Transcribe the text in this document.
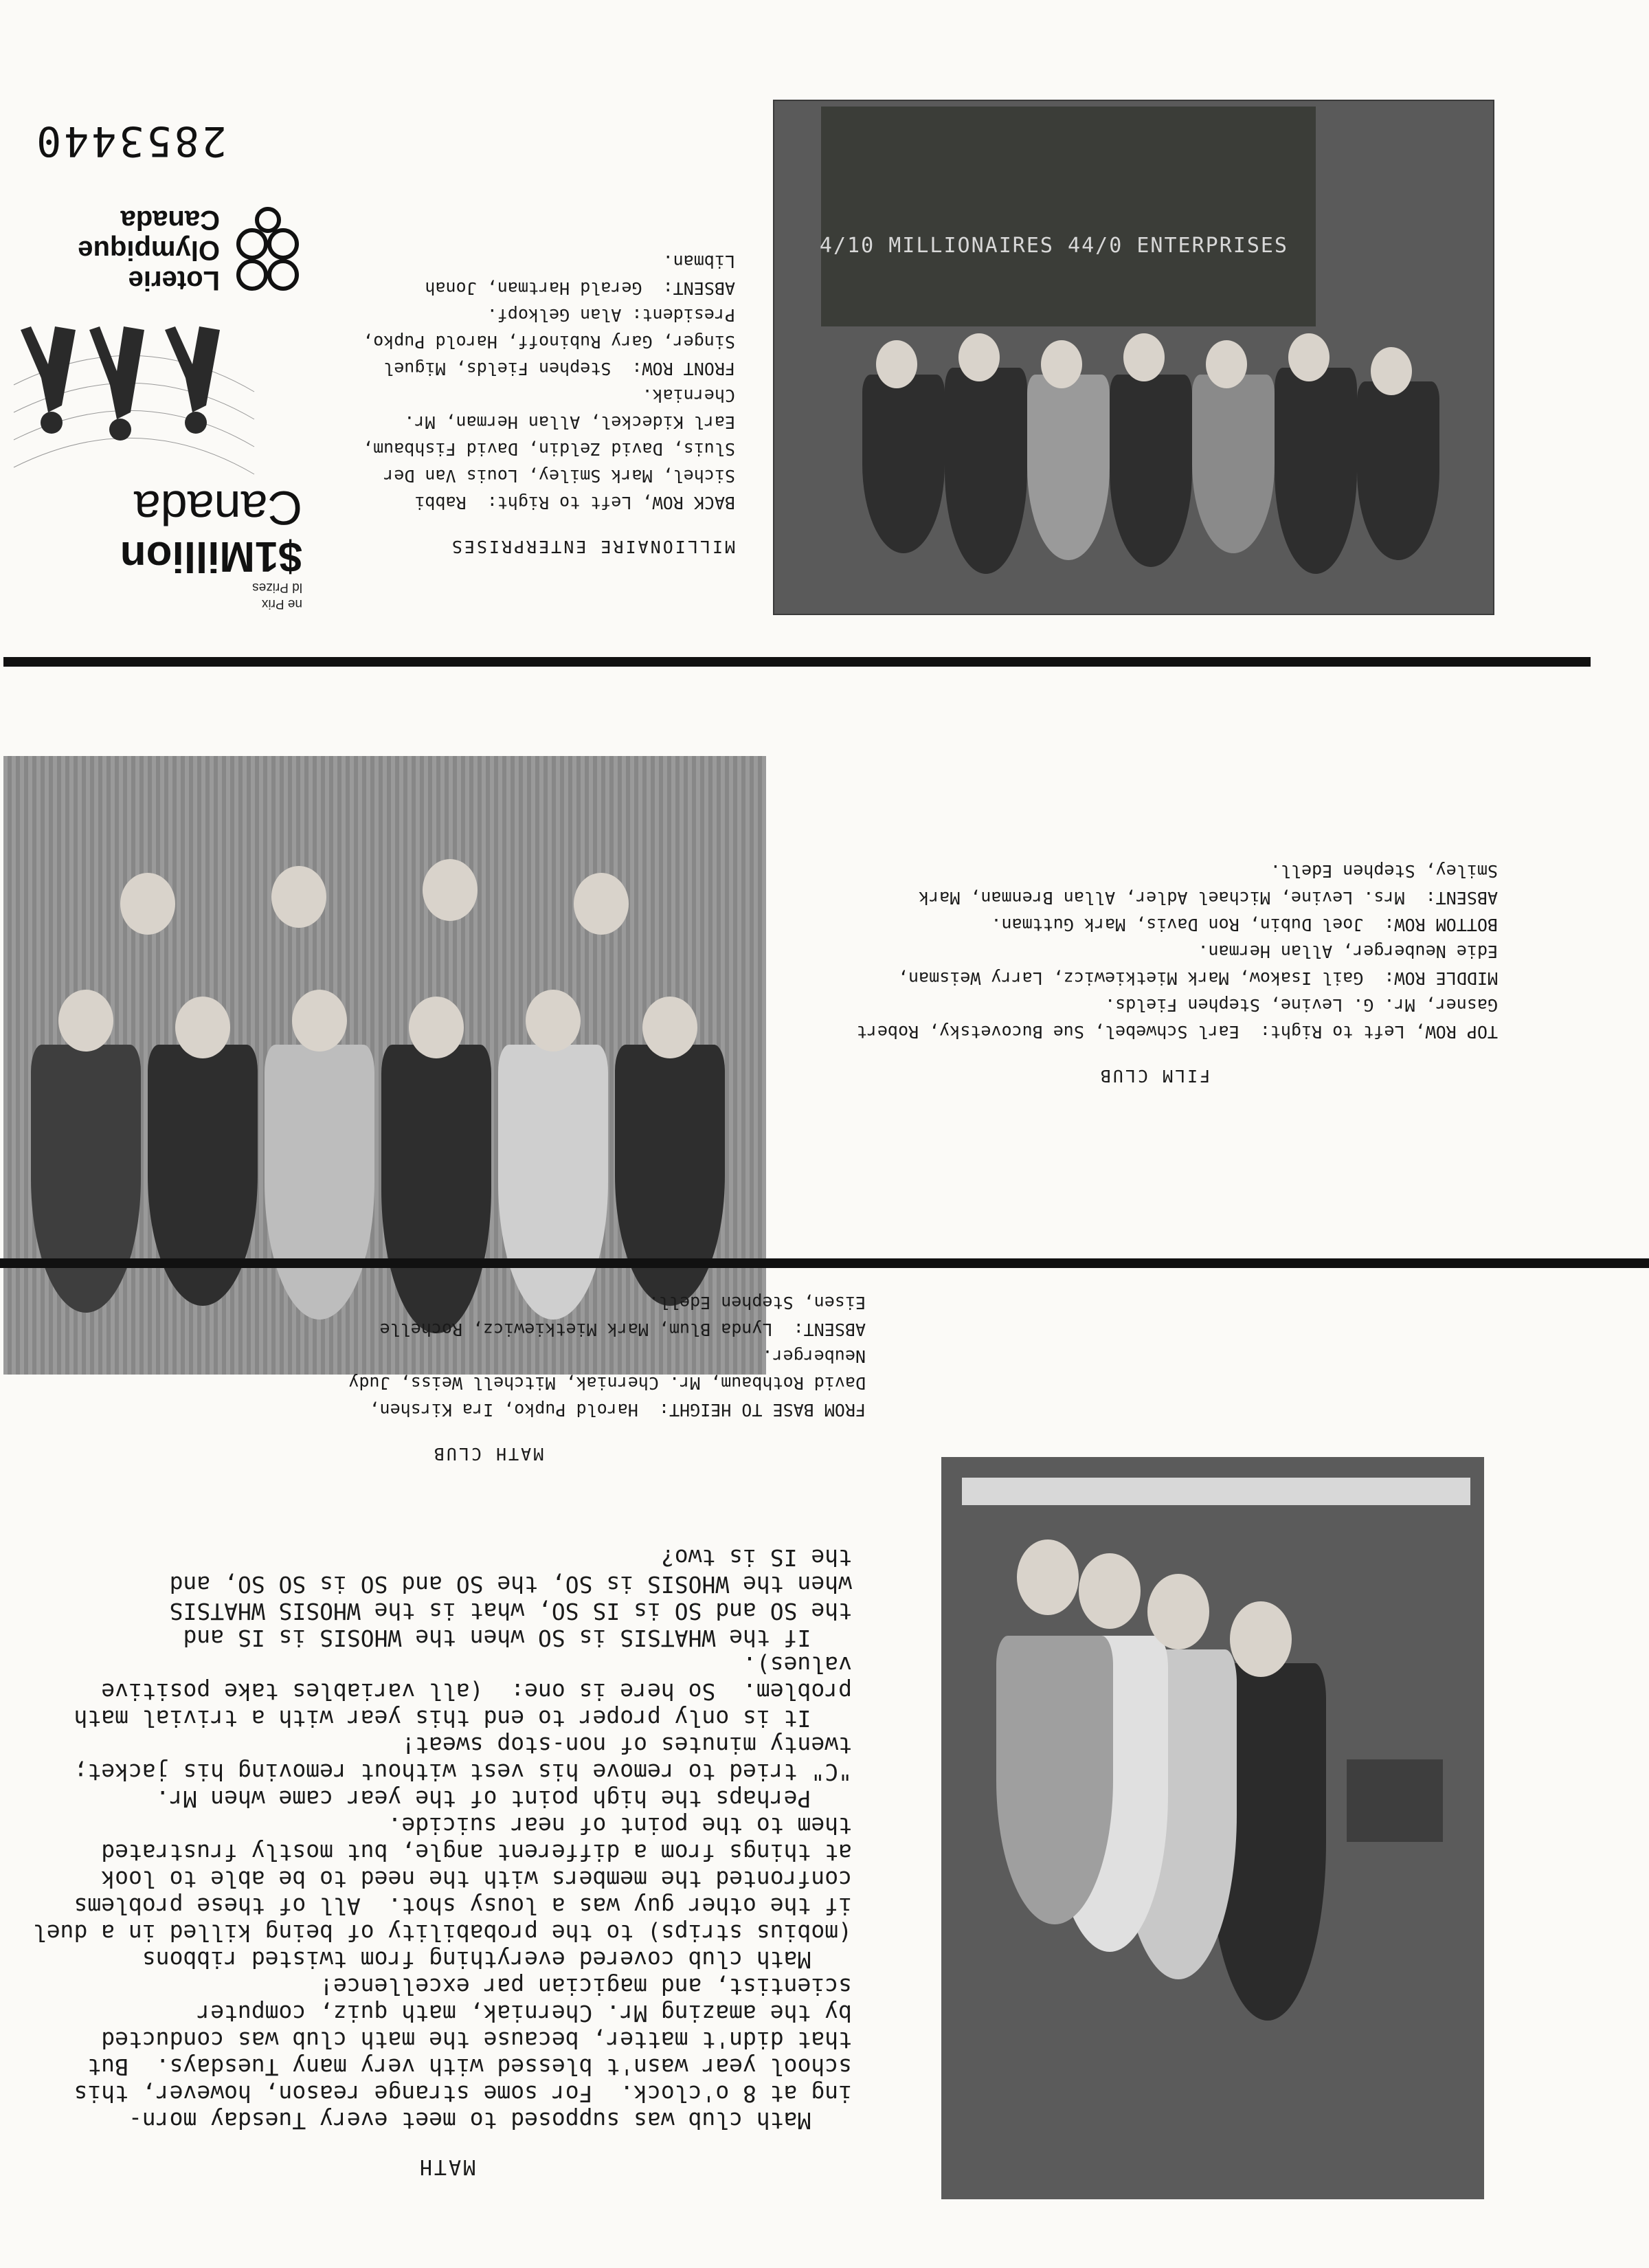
4/10 MILLIONAIRES 44/0 ENTERPRISES
MILLIONAIRE ENTERPRISES
BACK ROW, Left to Right:  Rabbi
Sichel, Mark Smiley, Louis Van Der
Sluis, David Zeldin, David Fishbaum,
Earl Kideckel, Allan Herman, Mr.
Cherniak.
FRONT ROW:  Stephen Fields, Miguel
Singer, Gary Rubinoff, Harold Pupko,
President: Alan Gelkopf.
ABSENT:  Gerald Hartman, Jonah
Libman.
ne Prix
ld Prizes
$1Million
Canada
Loterie
Olympique
Canada
2853440
FILM CLUB
TOP ROW, Left to Right:  Earl Schwebel, Sue Bucovetsky, Robert
Gasner, Mr. G. Levine, Stephen Fields.
MIDDLE ROW:  Gail Isakow, Mark Mietkiewicz, Larry Weisman,
Edie Neuberger, Allan Herman.
BOTTOM ROW:  Joel Dubin, Ron Davis, Mark Guttman.
ABSENT:  Mrs. Levine, Michael Adler, Allan Brenman, Mark
Smiley, Stephen Edell.
MATH

Math club was supposed to meet every Tuesday morn-

ing at 8 o'clock.  For some strange reason, however, this

school year wasn't blessed with very many Tuesdays.  But

that didn't matter, because the math club was conducted

by the amazing Mr. Cherniak, math quiz, computer

scientist, and magician par excellence!

Math club covered everything from twisted ribbons

(mobius strips) to the probability of being killed in a duel

if the other guy was a lousy shot.  All of these problems

confronted the members with the need to be able to look

at things from a different angle, but mostly frustrated

them to the point of near suicide.

Perhaps the high point of the year came when Mr.

"C" tried to remove his vest without removing his jacket;

twenty minutes of non-stop sweat!

It is only proper to end this year with a trivial math

problem.  So here is one:  (all variables take positive

values).

If the WHATSIS is SO when the WHOSIS is IS and

the SO and SO is IS SO, what is the WHOSIS WHATSIS

when the WHOSIS is SO, the SO and SO is SO SO, and

the IS is two?

MATH CLUB
FROM BASE TO HEIGHT:  Harold Pupko, Ira Kirshen,
David Rothbaum, Mr. Cherniak, Mitchell Weiss, Judy
Neuberger.
ABSENT:  Lynda Blum, Mark Mietkiewicz, Rochelle
Eisen, Stephen Edell.
